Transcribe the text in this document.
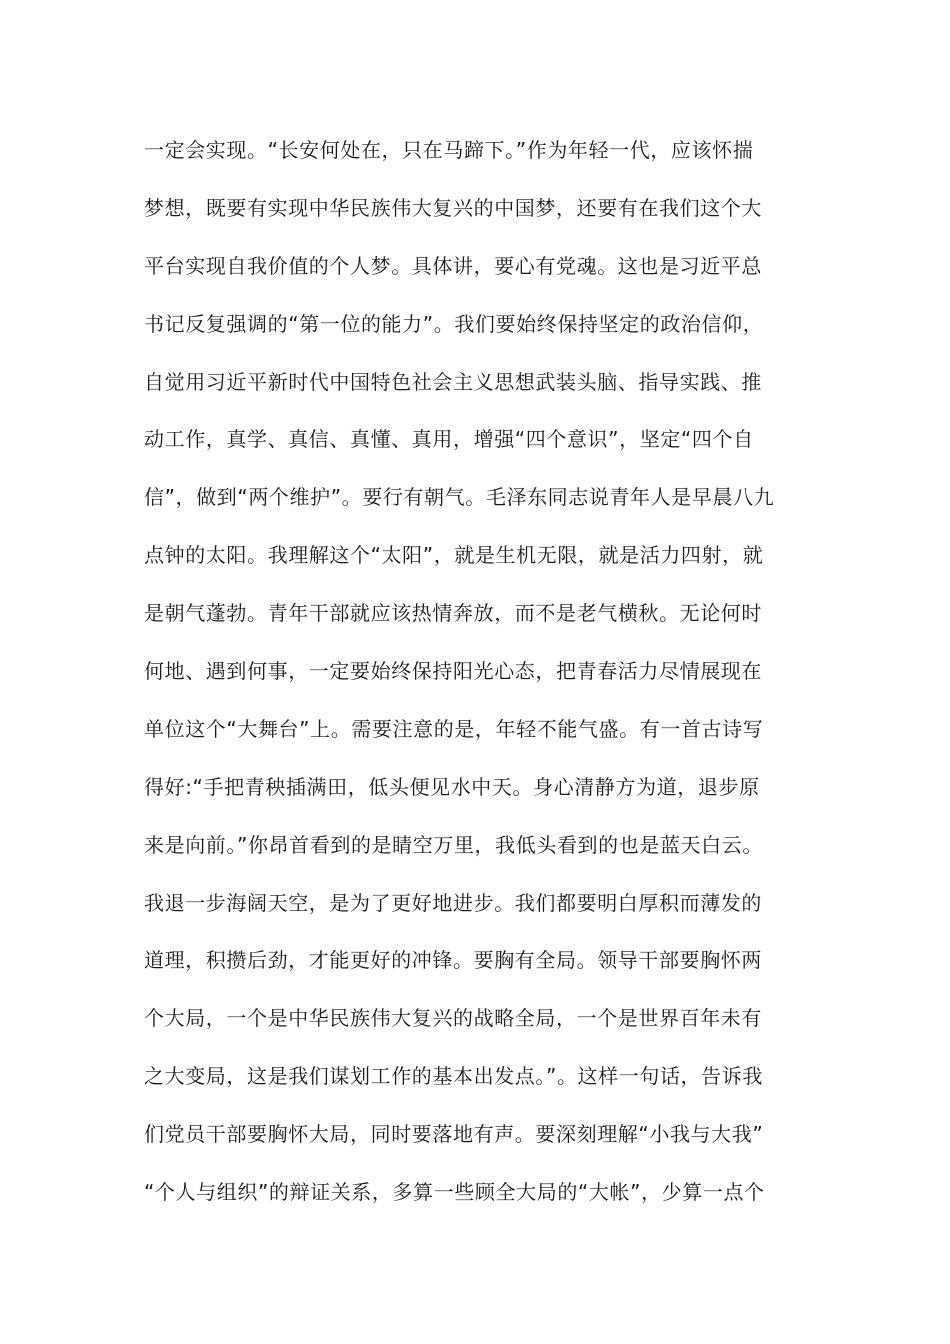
一定会实现。“长安何处在，只在马蹄下。”作为年轻一代，应该怀揣
梦想，既要有实现中华民族伟大复兴的中国梦，还要有在我们这个大
平台实现自我价值的个人梦。具体讲，要心有党魂。这也是习近平总
书记反复强调的“第一位的能力”。我们要始终保持坚定的政治信仰，
自觉用习近平新时代中国特色社会主义思想武装头脑、指导实践、推
动工作，真学、真信、真懂、真用，增强“四个意识”，坚定“四个自
信”，做到“两个维护”。要行有朝气。毛泽东同志说青年人是早晨八九
点钟的太阳。我理解这个“太阳”，就是生机无限，就是活力四射，就
是朝气蓬勃。青年干部就应该热情奔放，而不是老气横秋。无论何时
何地、遇到何事，一定要始终保持阳光心态，把青春活力尽情展现在
单位这个“大舞台”上。需要注意的是，年轻不能气盛。有一首古诗写
得好:“手把青秧插满田，低头便见水中天。身心清静方为道，退步原
来是向前。”你昂首看到的是睛空万里，我低头看到的也是蓝天白云。
我退一步海阔天空，是为了更好地进步。我们都要明白厚积而薄发的
道理，积攒后劲，才能更好的冲锋。要胸有全局。领导干部要胸怀两
个大局，一个是中华民族伟大复兴的战略全局，一个是世界百年未有
之大变局，这是我们谋划工作的基本出发点。”。这样一句话，告诉我
们党员干部要胸怀大局，同时要落地有声。要深刻理解“小我与大我”
“个人与组织”的辩证关系，多算一些顾全大局的“大帐”，少算一点个
